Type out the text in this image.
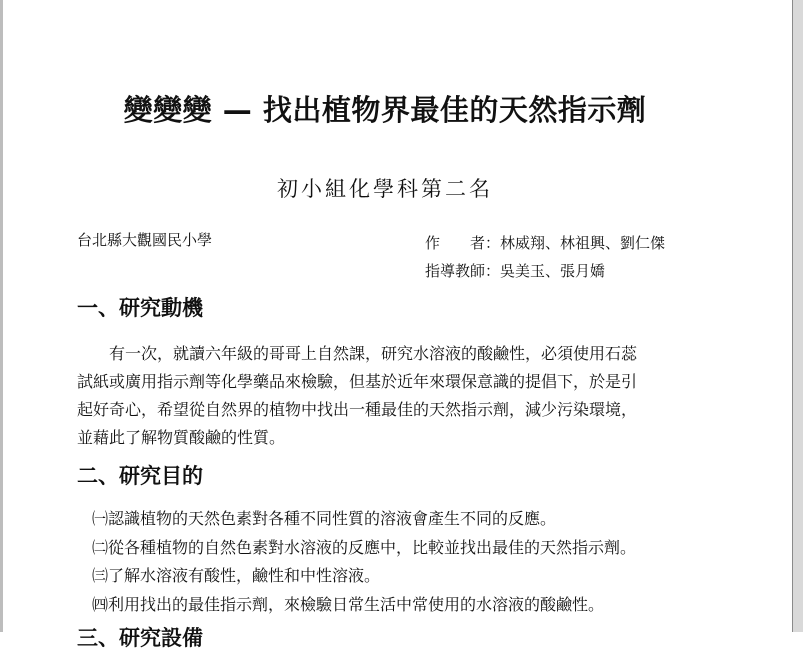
變變變 — 找出植物界最佳的天然指示劑
初小組化學科第二名
台北縣大觀國民小學	作　　者：林威翔、林祖興、劉仁傑
指導教師：吳美玉、張月嬌
一、研究動機

　　有一次，就讀六年級的哥哥上自然課，研究水溶液的酸鹼性，必須使用石蕊

試紙或廣用指示劑等化學藥品來檢驗，但基於近年來環保意識的提倡下，於是引

起好奇心，希望從自然界的植物中找出一種最佳的天然指示劑，減少污染環境，

並藉此了解物質酸鹼的性質。

二、研究目的

㈠認識植物的天然色素對各種不同性質的溶液會產生不同的反應。

㈡從各種植物的自然色素對水溶液的反應中，比較並找出最佳的天然指示劑。

㈢了解水溶液有酸性，鹼性和中性溶液。

㈣利用找出的最佳指示劑，來檢驗日常生活中常使用的水溶液的酸鹼性。

三、研究設備
